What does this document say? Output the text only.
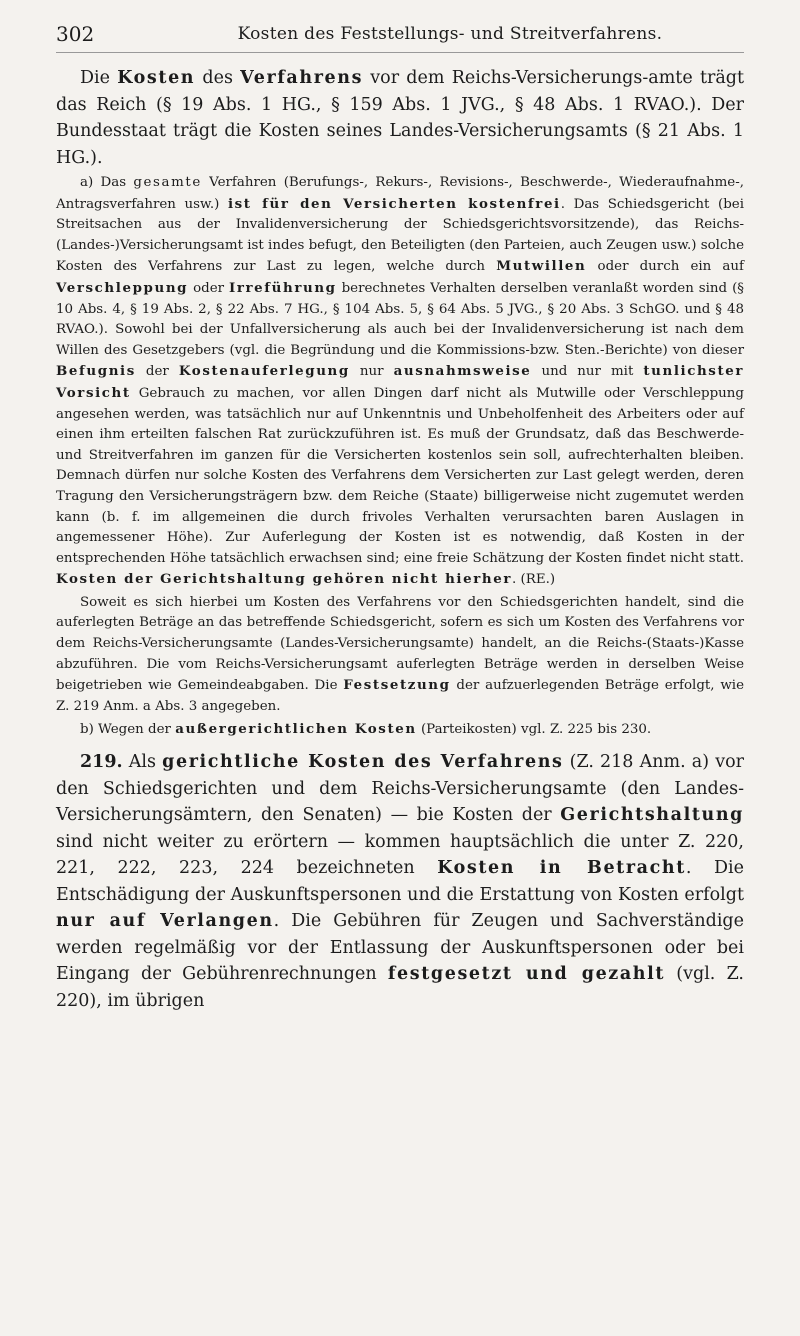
302	Kosten des Feststellungs- und Streitverfahrens.

Die Kosten des Verfahrens vor dem Reichs-Versicherungs-amte trägt das Reich (§ 19 Abs. 1 HG., § 159 Abs. 1 JVG., § 48 Abs. 1 RVAO.). Der Bundesstaat trägt die Kosten seines Landes-Versicherungsamts (§ 21 Abs. 1 HG.).

a) Das gesamte Verfahren (Berufungs-, Rekurs-, Revisions-, Beschwerde-, Wiederaufnahme-, Antragsverfahren usw.) ist für den Versicherten kostenfrei. Das Schiedsgericht (bei Streitsachen aus der Invalidenversicherung der Schiedsgerichtsvorsitzende), das Reichs-(Landes-)Versicherungsamt ist indes befugt, den Beteiligten (den Parteien, auch Zeugen usw.) solche Kosten des Verfahrens zur Last zu legen, welche durch Mutwillen oder durch ein auf Verschleppung oder Irreführung berechnetes Verhalten derselben veranlaßt worden sind (§ 10 Abs. 4, § 19 Abs. 2, § 22 Abs. 7 HG., § 104 Abs. 5, § 64 Abs. 5 JVG., § 20 Abs. 3 SchGO. und § 48 RVAO.). Sowohl bei der Unfallversicherung als auch bei der Invalidenversicherung ist nach dem Willen des Gesetzgebers (vgl. die Begründung und die Kommissions-bzw. Sten.-Berichte) von dieser Befugnis der Kostenauferlegung nur ausnahmsweise und nur mit tunlichster Vorsicht Gebrauch zu machen, vor allen Dingen darf nicht als Mutwille oder Verschleppung angesehen werden, was tatsächlich nur auf Unkenntnis und Unbeholfenheit des Arbeiters oder auf einen ihm erteilten falschen Rat zurückzuführen ist. Es muß der Grundsatz, daß das Beschwerde- und Streitverfahren im ganzen für die Versicherten kostenlos sein soll, aufrechterhalten bleiben. Demnach dürfen nur solche Kosten des Verfahrens dem Versicherten zur Last gelegt werden, deren Tragung den Versicherungsträgern bzw. dem Reiche (Staate) billigerweise nicht zugemutet werden kann (b. f. im allgemeinen die durch frivoles Verhalten verursachten baren Auslagen in angemessener Höhe). Zur Auferlegung der Kosten ist es notwendig, daß Kosten in der entsprechenden Höhe tatsächlich erwachsen sind; eine freie Schätzung der Kosten findet nicht statt. Kosten der Gerichtshaltung gehören nicht hierher. (RE.)

Soweit es sich hierbei um Kosten des Verfahrens vor den Schiedsgerichten handelt, sind die auferlegten Beträge an das betreffende Schiedsgericht, sofern es sich um Kosten des Verfahrens vor dem Reichs-Versicherungsamte (Landes-Versicherungsamte) handelt, an die Reichs-(Staats-)Kasse abzuführen. Die vom Reichs-Versicherungsamt auferlegten Beträge werden in derselben Weise beigetrieben wie Gemeindeabgaben. Die Festsetzung der aufzuerlegenden Beträge erfolgt, wie Z. 219 Anm. a Abs. 3 angegeben.

b) Wegen der außergerichtlichen Kosten (Parteikosten) vgl. Z. 225 bis 230.

219. Als gerichtliche Kosten des Verfahrens (Z. 218 Anm. a) vor den Schiedsgerichten und dem Reichs-Versicherungsamte (den Landes-Versicherungsämtern, den Senaten) — bie Kosten der Gerichtshaltung sind nicht weiter zu erörtern — kommen hauptsächlich die unter Z. 220, 221, 222, 223, 224 bezeichneten Kosten in Betracht. Die Entschädigung der Auskunftspersonen und die Erstattung von Kosten erfolgt nur auf Verlangen. Die Gebühren für Zeugen und Sachverständige werden regelmäßig vor der Entlassung der Auskunftspersonen oder bei Eingang der Gebührenrechnungen festgesetzt und gezahlt (vgl. Z. 220), im übrigen
